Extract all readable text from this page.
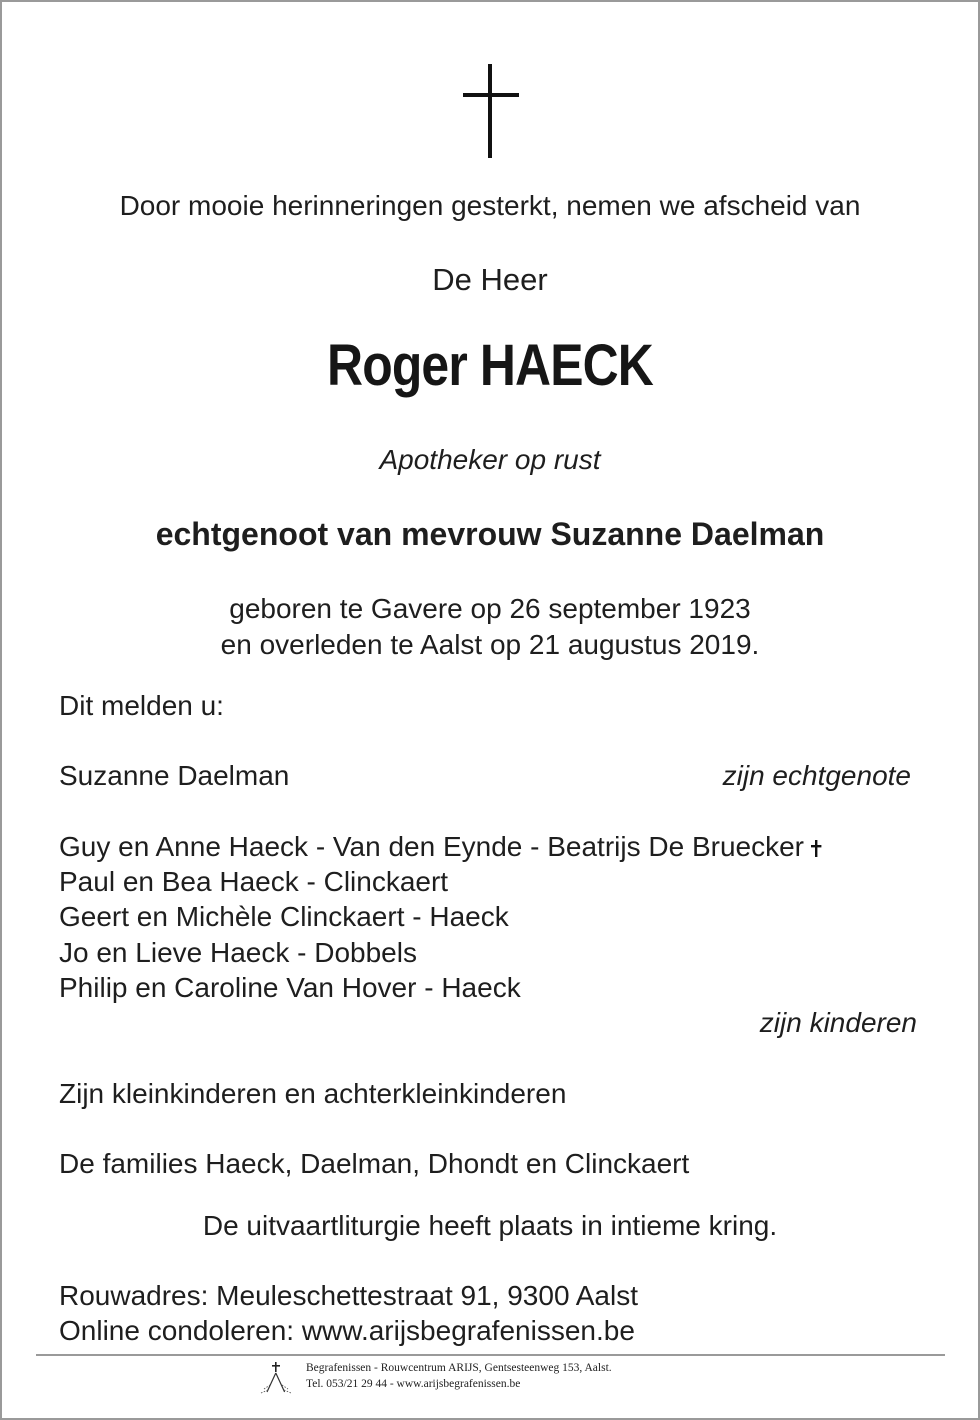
Door mooie herinneringen gesterkt, nemen we afscheid van
De Heer
Roger HAECK
Apotheker op rust
echtgenoot van mevrouw Suzanne Daelman
geboren te Gavere op 26 september 1923
en overleden te Aalst op 21 augustus 2019.
Dit melden u:
Suzanne Daelman	zijn echtgenote
Guy en Anne Haeck - Van den Eynde - Beatrijs De Bruecker
Paul en Bea Haeck - Clinckaert
Geert en Michèle Clinckaert - Haeck
Jo en Lieve Haeck - Dobbels
Philip en Caroline Van Hover - Haeck
zijn kinderen
Zijn kleinkinderen en achterkleinkinderen
De families Haeck, Daelman, Dhondt en Clinckaert
De uitvaartliturgie heeft plaats in intieme kring.
Rouwadres: Meuleschettestraat 91, 9300 Aalst
Online condoleren: www.arijsbegrafenissen.be
Begrafenissen - Rouwcentrum ARIJS, Gentsesteenweg 153, Aalst.
Tel. 053/21 29 44 - www.arijsbegrafenissen.be
